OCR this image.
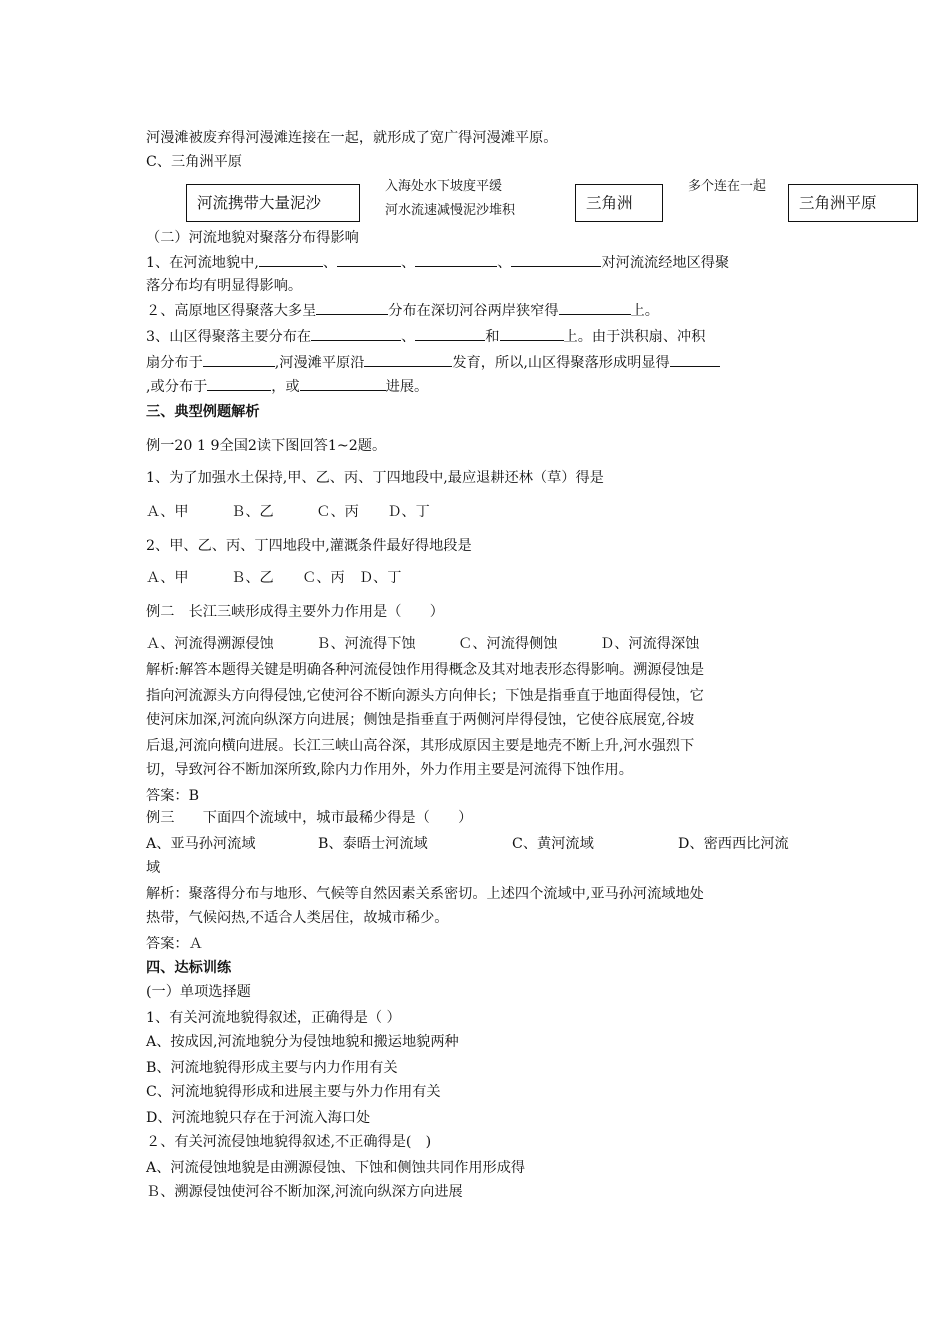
河漫滩被废弃得河漫滩连接在一起，就形成了宽广得河漫滩平原。
C、三角洲平原
河流携带大量泥沙
入海处水下坡度平缓
河水流速减慢泥沙堆积	三角洲
多个连在一起
三角洲平原
（二）河流地貌对聚落分布得影响
1、在河流地貌中,	、	、	、	对河流流经地区得聚
落分布均有明显得影响。
２、高原地区得聚落大多呈	分布在深切河谷两岸狭窄得	上。
3、山区得聚落主要分布在	、	和	上。由于洪积扇、冲积
扇分布于	,河漫滩平原沿	发育，所以,山区得聚落形成明显得
,或分布于	，或	进展。
三、典型例题解析
例一20 1 9全国2读下图回答1~2题。
1、为了加强水土保持,甲、乙、丙、丁四地段中,最应退耕还林（草）得是
Ａ、甲　　　Ｂ、乙　　　Ｃ、丙　　Ｄ、丁
2、甲、乙、丙、丁四地段中,灌溉条件最好得地段是
Ａ、甲　　　Ｂ、乙　　Ｃ、丙　Ｄ、丁
例二　长江三峡形成得主要外力作用是（　　）
Ａ、河流得溯源侵蚀　　　Ｂ、河流得下蚀　　　Ｃ、河流得侧蚀　　　Ｄ、河流得深蚀
解析:解答本题得关键是明确各种河流侵蚀作用得概念及其对地表形态得影响。溯源侵蚀是
指向河流源头方向得侵蚀,它使河谷不断向源头方向伸长；下蚀是指垂直于地面得侵蚀，它
使河床加深,河流向纵深方向进展；侧蚀是指垂直于两侧河岸得侵蚀，它使谷底展宽,谷坡
后退,河流向横向进展。长江三峡山高谷深，其形成原因主要是地壳不断上升,河水强烈下
切，导致河谷不断加深所致,除内力作用外，外力作用主要是河流得下蚀作用。
答案：B
例三　　下面四个流域中，城市最稀少得是（　　）
A、亚马孙河流域	B、泰晤士河流域	C、黄河流域	D、密西西比河流
域
解析：聚落得分布与地形、气候等自然因素关系密切。上述四个流域中,亚马孙河流域地处
热带，气候闷热,不适合人类居住，故城市稀少。
答案：Ａ
四、达标训练
(一）单项选择题
1、有关河流地貌得叙述，正确得是（ ）
A、按成因,河流地貌分为侵蚀地貌和搬运地貌两种
B、河流地貌得形成主要与内力作用有关
C、河流地貌得形成和进展主要与外力作用有关
D、河流地貌只存在于河流入海口处
２、有关河流侵蚀地貌得叙述,不正确得是(　)
A、河流侵蚀地貌是由溯源侵蚀、下蚀和侧蚀共同作用形成得
Ｂ、溯源侵蚀使河谷不断加深,河流向纵深方向进展
